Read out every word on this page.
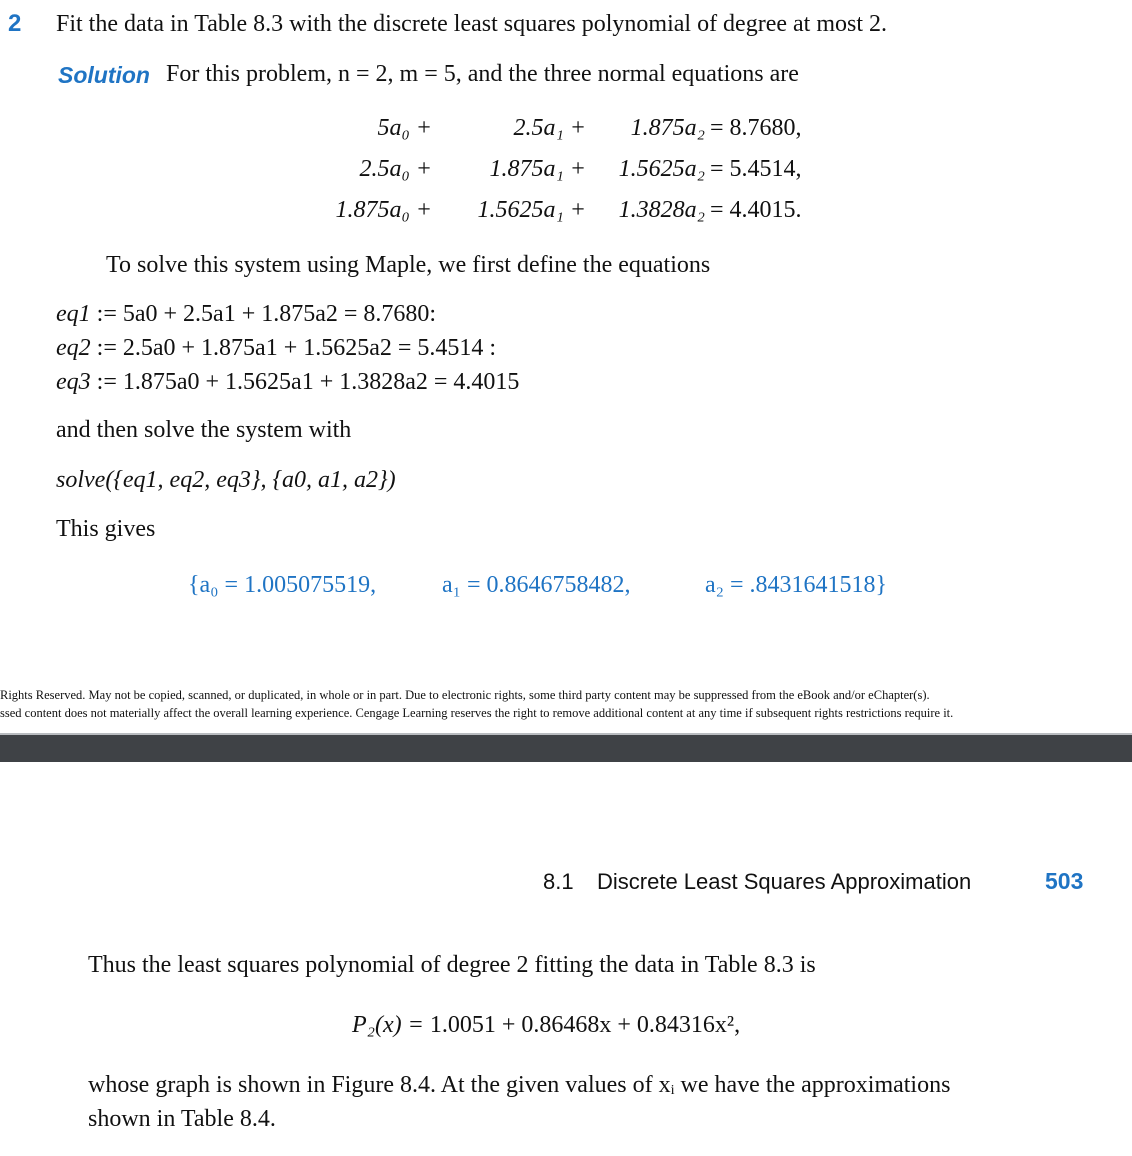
2 Fit the data in Table 8.3 with the discrete least squares polynomial of degree at most 2.
Solution For this problem, n = 2, m = 5, and the three normal equations are
5a₀ +	2.5a₁ + 1.875a₂ = 8.7680,
2.5a₀ + 1.875a₁ + 1.5625a₂ = 5.4514,
1.875a₀ + 1.5625a₁ + 1.3828a₂ = 4.4015.
To solve this system using Maple, we first define the equations
eq1 := 5a0 + 2.5a1 + 1.875a2 = 8.7680:
eq2 := 2.5a0 + 1.875a1 + 1.5625a2 = 5.4514 :
eq3 := 1.875a0 + 1.5625a1 + 1.3828a2 = 4.4015
and then solve the system with
solve({eq1, eq2, eq3}, {a0, a1, a2})
This gives
{a₀ = 1.005075519,	a₁ = 0.8646758482,	a₂ = .8431641518}
Rights Reserved. May not be copied, scanned, or duplicated, in whole or in part. Due to electronic rights, some third party content may be suppressed from the eBook and/or eChapter(s).
ssed content does not materially affect the overall learning experience. Cengage Learning reserves the right to remove additional content at any time if subsequent rights restrictions require it.
8.1 Discrete Least Squares Approximation	503
Thus the least squares polynomial of degree 2 fitting the data in Table 8.3 is
P₂(x) = 1.0051 + 0.86468x + 0.84316x²,
whose graph is shown in Figure 8.4. At the given values of xᵢ we have the approximations
shown in Table 8.4.
